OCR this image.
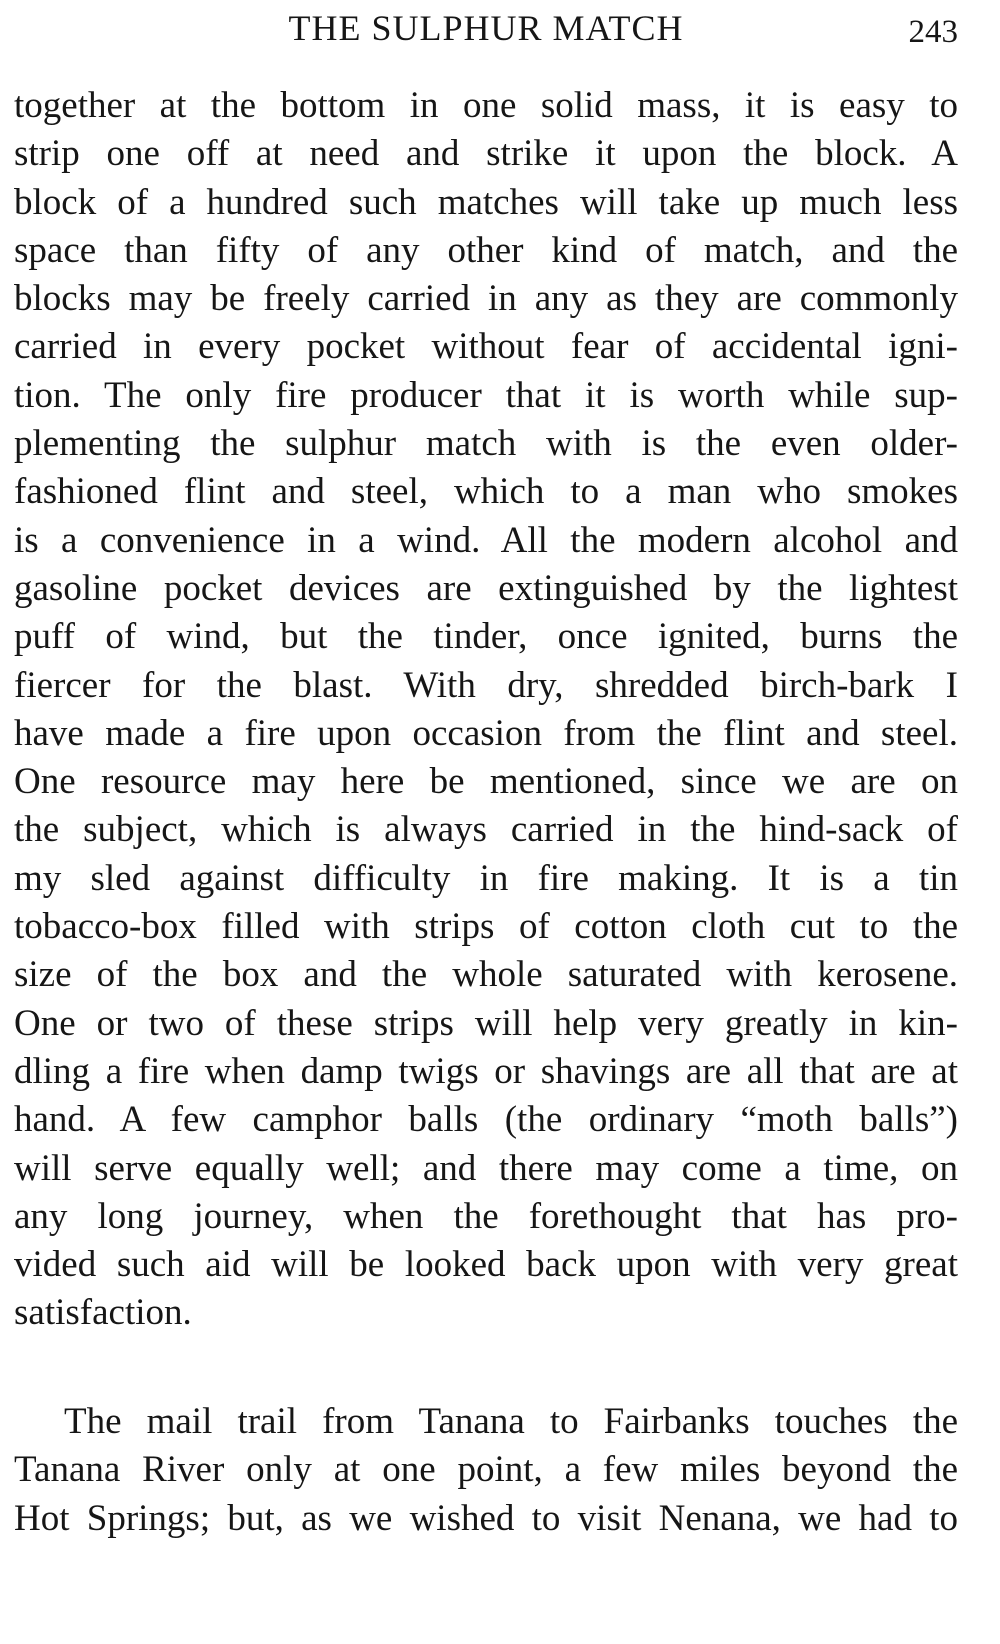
THE SULPHUR MATCH	243
together at the bottom in one solid mass, it is easy to
strip one off at need and strike it upon the block. A
block of a hundred such matches will take up much less
space than fifty of any other kind of match, and the
blocks may be freely carried in any as they are commonly
carried in every pocket without fear of accidental igni-
tion. The only fire producer that it is worth while sup-
plementing the sulphur match with is the even older-
fashioned flint and steel, which to a man who smokes
is a convenience in a wind. All the modern alcohol and
gasoline pocket devices are extinguished by the lightest
puff of wind, but the tinder, once ignited, burns the
fiercer for the blast. With dry, shredded birch-bark I
have made a fire upon occasion from the flint and steel.
One resource may here be mentioned, since we are on
the subject, which is always carried in the hind-sack of
my sled against difficulty in fire making. It is a tin
tobacco-box filled with strips of cotton cloth cut to the
size of the box and the whole saturated with kerosene.
One or two of these strips will help very greatly in kin-
dling a fire when damp twigs or shavings are all that are at
hand. A few camphor balls (the ordinary “moth balls”)
will serve equally well; and there may come a time, on
any long journey, when the forethought that has pro-
vided such aid will be looked back upon with very great
satisfaction.
The mail trail from Tanana to Fairbanks touches the
Tanana River only at one point, a few miles beyond the
Hot Springs; but, as we wished to visit Nenana, we had to
